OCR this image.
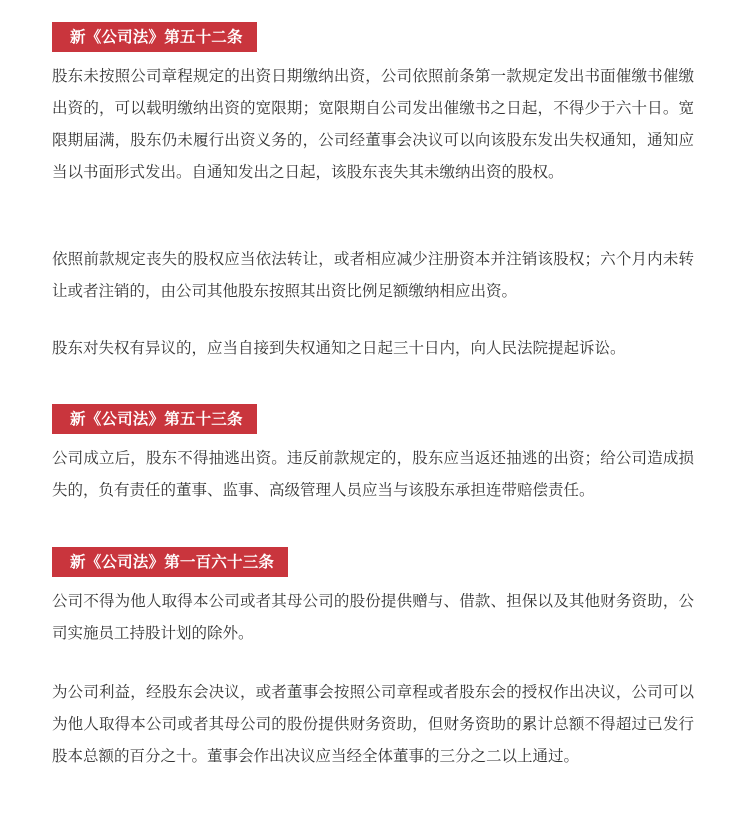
新《公司法》第五十二条

股东未按照公司章程规定的出资日期缴纳出资，公司依照前条第一款规定发出书面催缴书催缴出资的，可以载明缴纳出资的宽限期；宽限期自公司发出催缴书之日起，不得少于六十日。宽限期届满，股东仍未履行出资义务的，公司经董事会决议可以向该股东发出失权通知，通知应当以书面形式发出。自通知发出之日起，该股东丧失其未缴纳出资的股权。

依照前款规定丧失的股权应当依法转让，或者相应减少注册资本并注销该股权；六个月内未转让或者注销的，由公司其他股东按照其出资比例足额缴纳相应出资。

股东对失权有异议的，应当自接到失权通知之日起三十日内，向人民法院提起诉讼。

新《公司法》第五十三条

公司成立后，股东不得抽逃出资。违反前款规定的，股东应当返还抽逃的出资；给公司造成损失的，负有责任的董事、监事、高级管理人员应当与该股东承担连带赔偿责任。

新《公司法》第一百六十三条

公司不得为他人取得本公司或者其母公司的股份提供赠与、借款、担保以及其他财务资助，公司实施员工持股计划的除外。

为公司利益，经股东会决议，或者董事会按照公司章程或者股东会的授权作出决议，公司可以为他人取得本公司或者其母公司的股份提供财务资助，但财务资助的累计总额不得超过已发行股本总额的百分之十。董事会作出决议应当经全体董事的三分之二以上通过。
